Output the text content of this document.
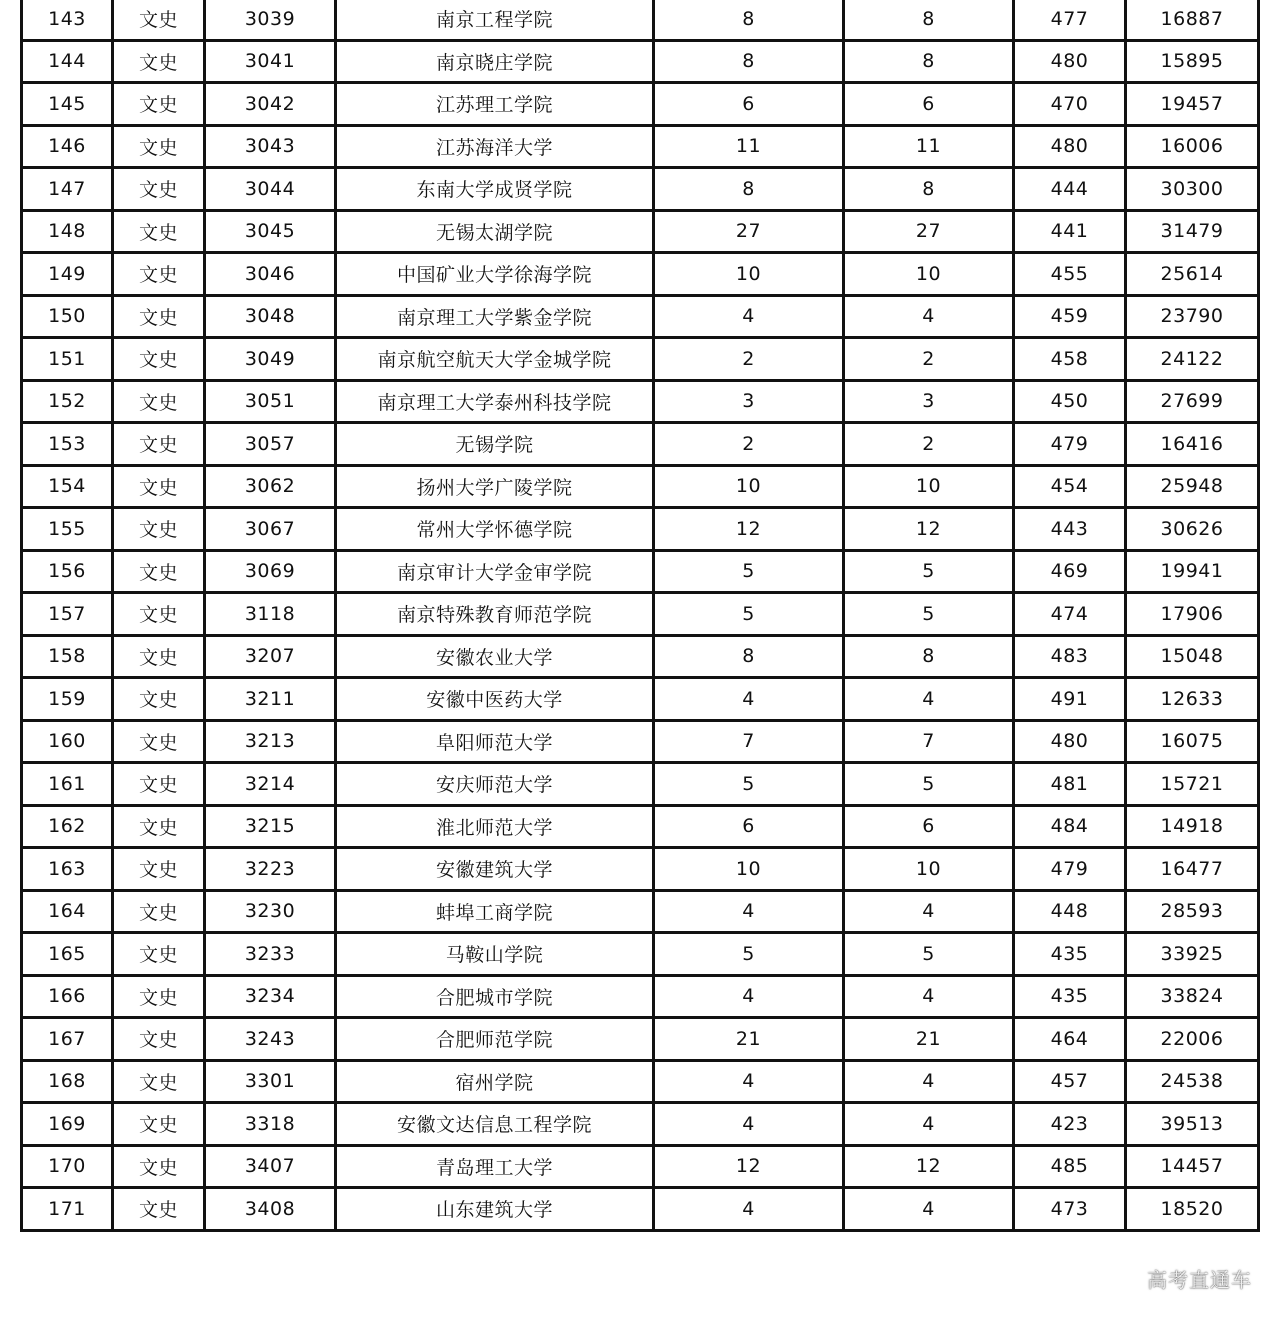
143	文史	3039	南京工程学院	8	8	477	16887
144	文史	3041	南京晓庄学院	8	8	480	15895
145	文史	3042	江苏理工学院	6	6	470	19457
146	文史	3043	江苏海洋大学	11	11	480	16006
147	文史	3044	东南大学成贤学院	8	8	444	30300
148	文史	3045	无锡太湖学院	27	27	441	31479
149	文史	3046	中国矿业大学徐海学院	10	10	455	25614
150	文史	3048	南京理工大学紫金学院	4	4	459	23790
151	文史	3049	南京航空航天大学金城学院	2	2	458	24122
152	文史	3051	南京理工大学泰州科技学院	3	3	450	27699
153	文史	3057	无锡学院	2	2	479	16416
154	文史	3062	扬州大学广陵学院	10	10	454	25948
155	文史	3067	常州大学怀德学院	12	12	443	30626
156	文史	3069	南京审计大学金审学院	5	5	469	19941
157	文史	3118	南京特殊教育师范学院	5	5	474	17906
158	文史	3207	安徽农业大学	8	8	483	15048
159	文史	3211	安徽中医药大学	4	4	491	12633
160	文史	3213	阜阳师范大学	7	7	480	16075
161	文史	3214	安庆师范大学	5	5	481	15721
162	文史	3215	淮北师范大学	6	6	484	14918
163	文史	3223	安徽建筑大学	10	10	479	16477
164	文史	3230	蚌埠工商学院	4	4	448	28593
165	文史	3233	马鞍山学院	5	5	435	33925
166	文史	3234	合肥城市学院	4	4	435	33824
167	文史	3243	合肥师范学院	21	21	464	22006
168	文史	3301	宿州学院	4	4	457	24538
169	文史	3318	安徽文达信息工程学院	4	4	423	39513
170	文史	3407	青岛理工大学	12	12	485	14457
171	文史	3408	山东建筑大学	4	4	473	18520
高考直通车
